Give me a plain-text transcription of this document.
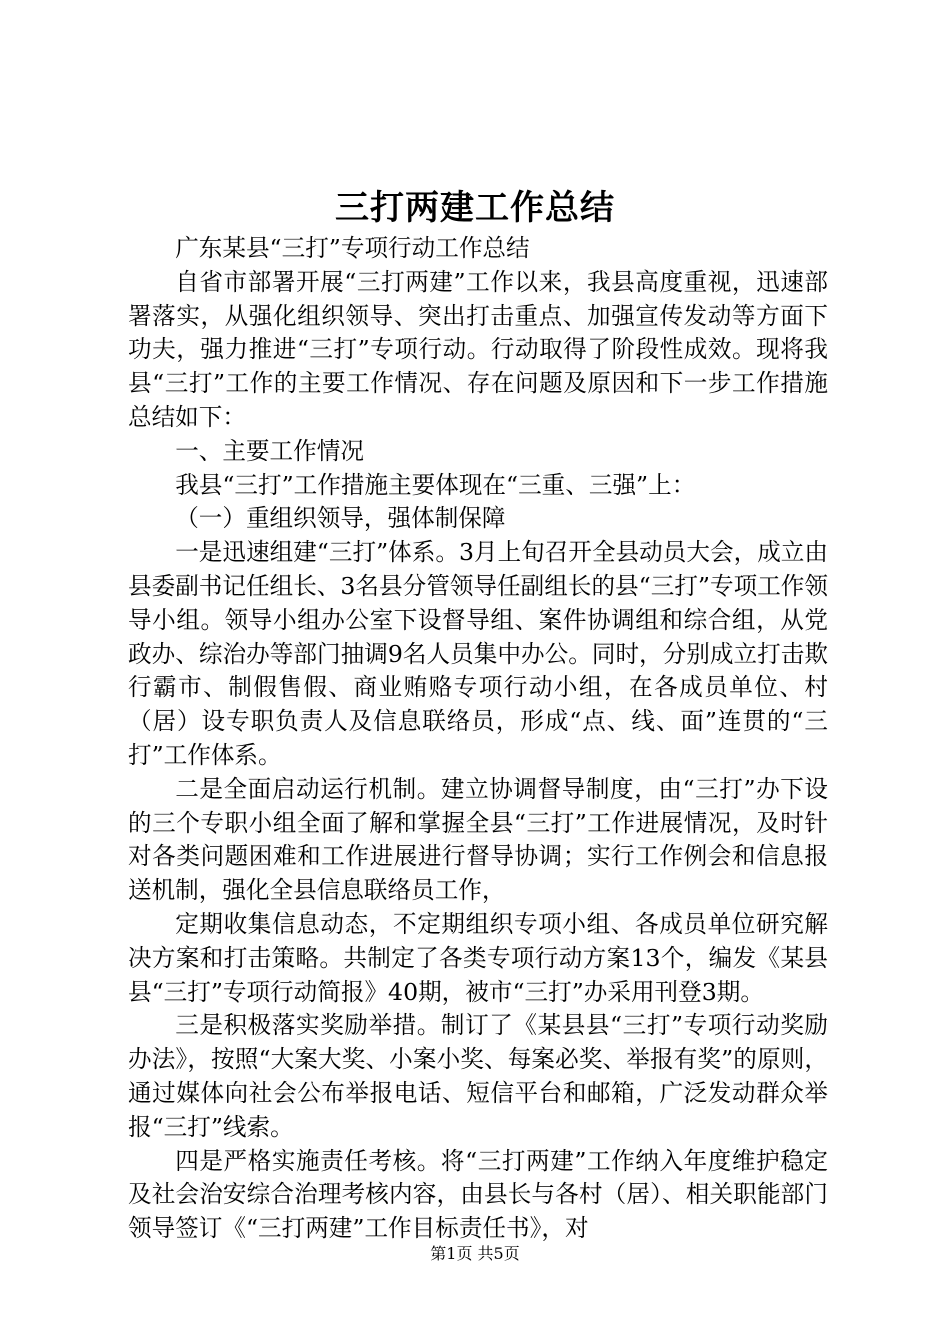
三打两建工作总结

广东某县“三打”专项行动工作总结

自省市部署开展“三打两建”工作以来，我县高度重视，迅速部署落实，从强化组织领导、突出打击重点、加强宣传发动等方面下功夫，强力推进“三打”专项行动。行动取得了阶段性成效。现将我县“三打”工作的主要工作情况、存在问题及原因和下一步工作措施总结如下：

一、主要工作情况

我县“三打”工作措施主要体现在“三重、三强”上：

（一）重组织领导，强体制保障

一是迅速组建“三打”体系。3月上旬召开全县动员大会，成立由县委副书记任组长、3名县分管领导任副组长的县“三打”专项工作领导小组。领导小组办公室下设督导组、案件协调组和综合组，从党政办、综治办等部门抽调9名人员集中办公。同时，分别成立打击欺行霸市、制假售假、商业贿赂专项行动小组，在各成员单位、村（居）设专职负责人及信息联络员，形成“点、线、面”连贯的“三打”工作体系。

二是全面启动运行机制。建立协调督导制度，由“三打”办下设的三个专职小组全面了解和掌握全县“三打”工作进展情况，及时针对各类问题困难和工作进展进行督导协调；实行工作例会和信息报送机制，强化全县信息联络员工作，

定期收集信息动态，不定期组织专项小组、各成员单位研究解决方案和打击策略。共制定了各类专项行动方案13个，编发《某县县“三打”专项行动简报》40期，被市“三打”办采用刊登3期。

三是积极落实奖励举措。制订了《某县县“三打”专项行动奖励办法》，按照“大案大奖、小案小奖、每案必奖、举报有奖”的原则，通过媒体向社会公布举报电话、短信平台和邮箱，广泛发动群众举报“三打”线索。

四是严格实施责任考核。将“三打两建”工作纳入年度维护稳定及社会治安综合治理考核内容，由县长与各村（居）、相关职能部门领导签订《“三打两建”工作目标责任书》，对

第1页 共5页
